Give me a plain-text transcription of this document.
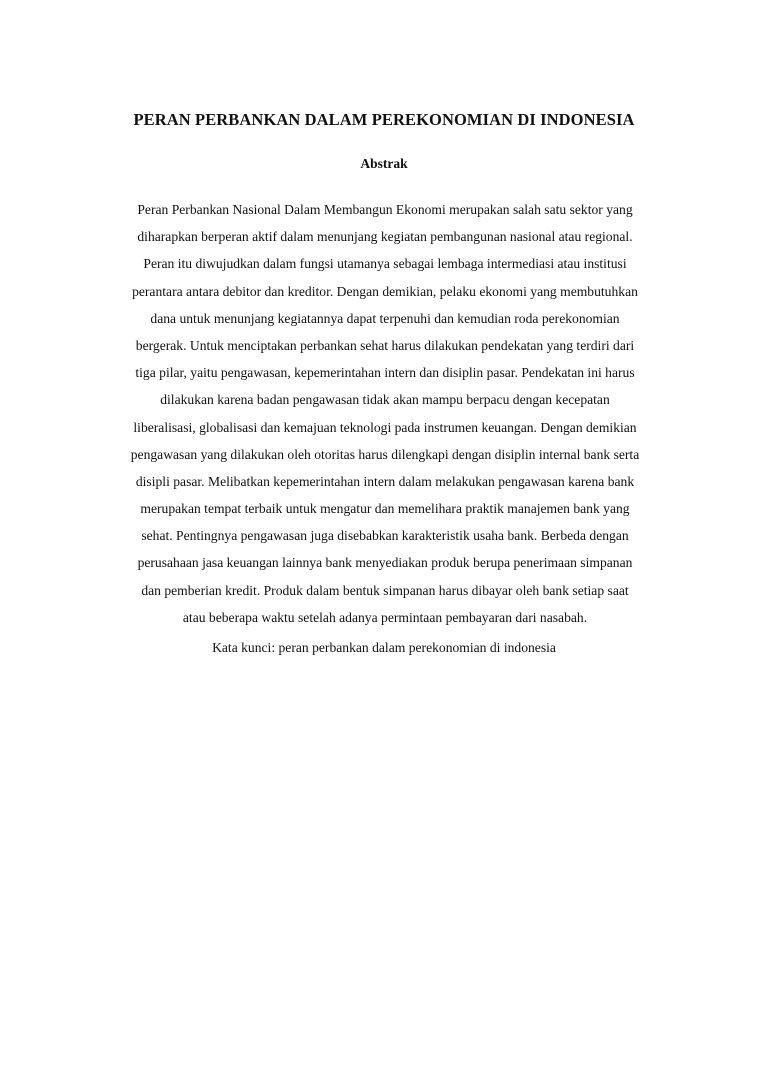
PERAN PERBANKAN DALAM PEREKONOMIAN DI INDONESIA
Abstrak
Peran Perbankan Nasional Dalam Membangun Ekonomi merupakan salah satu sektor yang
diharapkan berperan aktif dalam menunjang kegiatan pembangunan nasional atau regional.
Peran itu diwujudkan dalam fungsi utamanya sebagai lembaga intermediasi atau institusi
perantara antara debitor dan kreditor. Dengan demikian, pelaku ekonomi yang membutuhkan
dana untuk menunjang kegiatannya dapat terpenuhi dan kemudian roda perekonomian
bergerak. Untuk menciptakan perbankan sehat harus dilakukan pendekatan yang terdiri dari
tiga pilar, yaitu pengawasan, kepemerintahan intern dan disiplin pasar. Pendekatan ini harus
dilakukan karena badan pengawasan tidak akan mampu berpacu dengan kecepatan
liberalisasi, globalisasi dan kemajuan teknologi pada instrumen keuangan. Dengan demikian
pengawasan yang dilakukan oleh otoritas harus dilengkapi dengan disiplin internal bank serta
disipli pasar. Melibatkan kepemerintahan intern dalam melakukan pengawasan karena bank
merupakan tempat terbaik untuk mengatur dan memelihara praktik manajemen bank yang
sehat. Pentingnya pengawasan juga disebabkan karakteristik usaha bank. Berbeda dengan
perusahaan jasa keuangan lainnya bank menyediakan produk berupa penerimaan simpanan
dan pemberian kredit. Produk dalam bentuk simpanan harus dibayar oleh bank setiap saat
atau beberapa waktu setelah adanya permintaan pembayaran dari nasabah.

Kata kunci: peran perbankan dalam perekonomian di indonesia
